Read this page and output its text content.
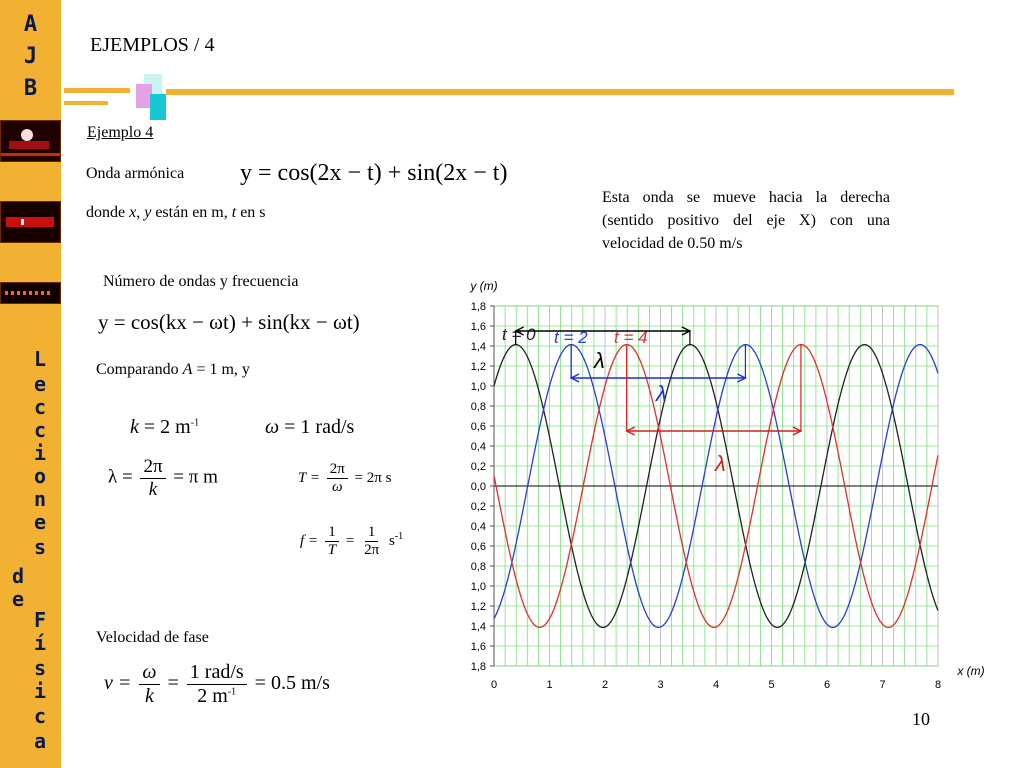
A
J
B
L
e
c
c
i
o
n
e
s
d
e
F
í
s
i
c
a
EJEMPLOS / 4
Ejemplo 4
Onda armónica y = cos(2x − t) + sin(2x − t)
donde x, y están en m, t en s
Esta onda se mueve hacia la derecha (sentido positivo del eje X) con una velocidad de 0.50 m/s
Número de ondas y frecuencia
y = cos(kx − ωt) + sin(kx − ωt)
Comparando A = 1 m, y
k = 2 $m^{-1}$	ω = 1 rad/s
$\lambda = \frac{2\pi}{k} = \pi$ m	$T = \frac{2\pi}{\omega} = 2\pi$ s
$f = \frac{1}{T} = \frac{1}{2\pi} s^{-1}$
Velocidad de fase
$v = \frac{\omega}{k} = \frac{\text{1 rad/s}}{2 m^{-1}} = 0.5$ m/s
10
1,8
1,6
1,4
1,2
1,0
0,8
0,6
0,4
0,2
0,0
0,2
0,4
0,6
0,8
1,0
1,2
1,4
1,6
1,8
0	1	2	3	4	5	6	7	8
y (m)
x (m)
t = 0 t = 2 t = 4
λ
λ
λ
